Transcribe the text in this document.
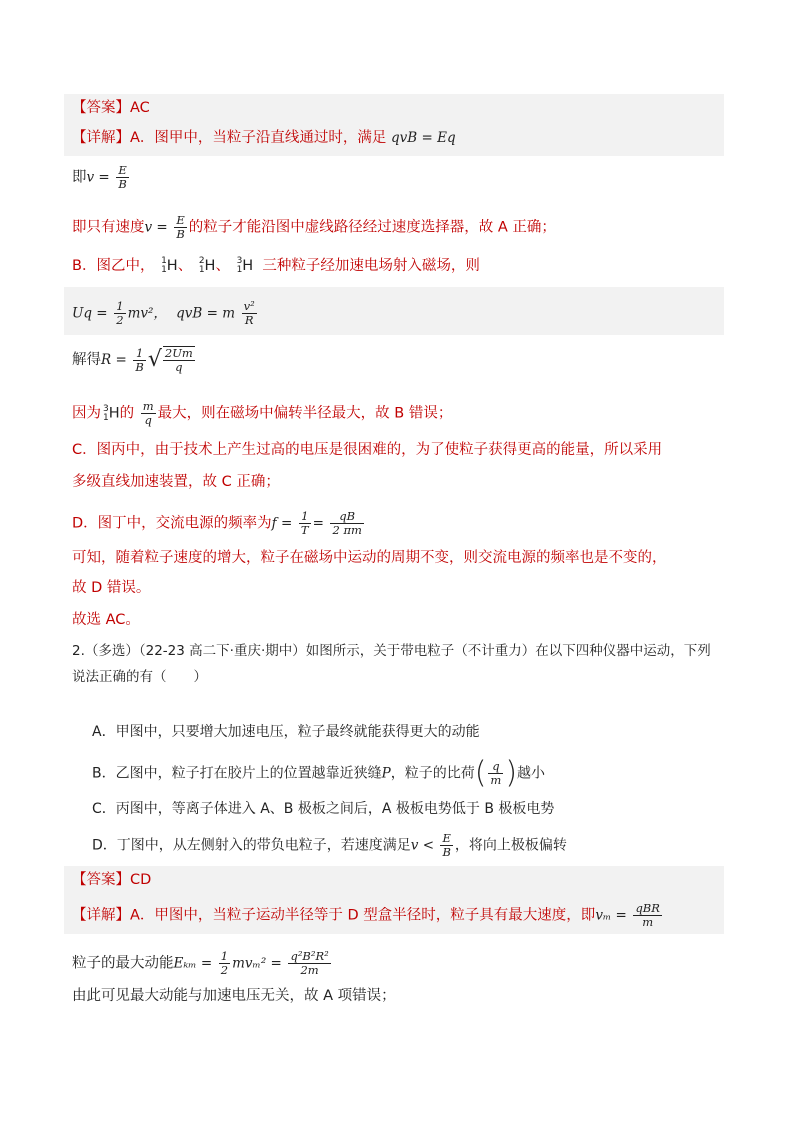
【答案】AC
【详解】A．图甲中，当粒子沿直线通过时，满足 qvB = Eq
即$v = \frac{E}{B}$
即只有速度$v = \frac{E}{B}$ 的粒子才能沿图中虚线路径经过速度选择器，故 A 正确；
B．图乙中， 1
1H、 2
1H、 3
1H 三种粒子经加速电场射入磁场，则
$Uq = \frac{1}{2} mv^2$， qvB = m $\frac{\text{v²}}{R}$
解得$R = \frac{1}{B}$ √ $\frac{2Um}{q}$
因为 3
1H的 $\frac{m}{q}$ 最大，则在磁场中偏转半径最大，故 B 错误；
C．图丙中，由于技术上产生过高的电压是很困难的，为了使粒子获得更高的能量，所以采用
多级直线加速装置，故 C 正确；
D．图丁中，交流电源的频率为$f = \frac{1}{T} = \frac{qB}{2 \pi m}$
可知，随着粒子速度的增大，粒子在磁场中运动的周期不变，则交流电源的频率也是不变的，
故 D 错误。
故选 AC。
2.（多选）（22-23 高二下·重庆·期中）如图所示，关于带电粒子（不计重力）在以下四种仪器中运动，下列
说法正确的有（　　）
A．甲图中，只要增大加速电压，粒子最终就能获得更大的动能
B．乙图中，粒子打在胶片上的位置越靠近狭缝P，粒子的比荷( $\frac{q}{m}$ )越小
C．丙图中，等离子体进入 A、B 极板之间后，A 极板电势低于 B 极板电势
D．丁图中，从左侧射入的带负电粒子，若速度满足$v < \frac{E}{B}$ ，将向上极板偏转
【答案】CD
【详解】A．甲图中，当粒子运动半径等于 D 型盒半径时，粒子具有最大速度，即$v_m = \frac{\text{qBR}}{m}$
粒子的最大动能$E_{km} = \frac{1}{2} mv_m^2 = \frac{\text{q²B²R²}}{2m}$
由此可见最大动能与加速电压无关，故 A 项错误；
